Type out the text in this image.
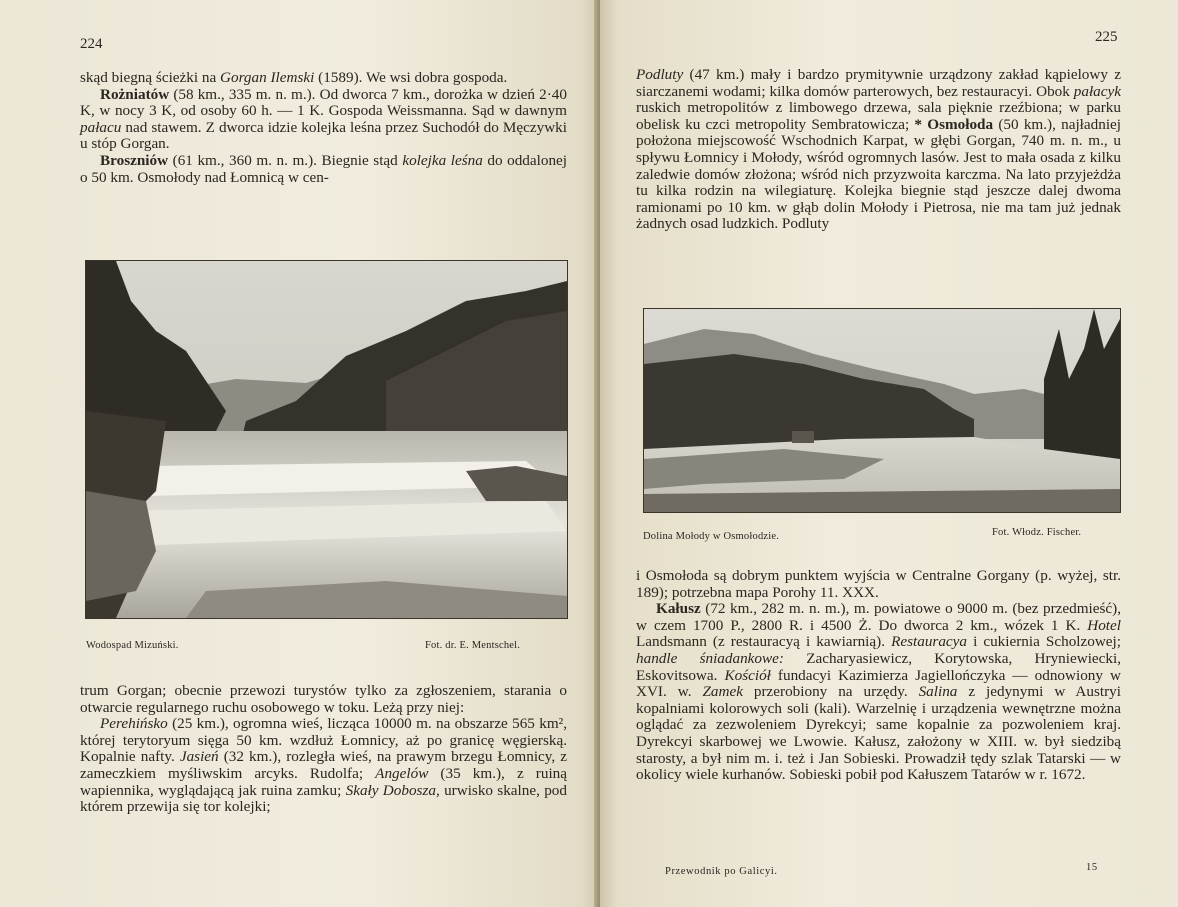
224

skąd biegną ścieżki na Gorgan Ilemski (1589). We wsi dobra gospoda.

Rożniatów (58 km., 335 m. n. m.). Od dworca 7 km., dorożka w dzień 2·40 K, w nocy 3 K, od osoby 60 h. — 1 K. Gospoda Weissmanna. Sąd w dawnym pałacu nad stawem. Z dworca idzie kolejka leśna przez Suchodół do Męczywki u stóp Gorgan.

Broszniów (61 km., 360 m. n. m.). Biegnie stąd kolejka leśna do oddalonej o 50 km. Osmołody nad Łomnicą w cen-

Wodospad Mizuński.	Fot. dr. E. Mentschel.

trum Gorgan; obecnie przewozi turystów tylko za zgłoszeniem, starania o otwarcie regularnego ruchu osobowego w toku. Leżą przy niej:

Perehińsko (25 km.), ogromna wieś, licząca 10000 m. na obszarze 565 km², której terytoryum sięga 50 km. wzdłuż Łomnicy, aż po granicę węgierską. Kopalnie nafty. Jasień (32 km.), rozległa wieś, na prawym brzegu Łomnicy, z zameczkiem myśliwskim arcyks. Rudolfa; Angelów (35 km.), z ruiną wapiennika, wyglądającą jak ruina zamku; Skały Dobosza, urwisko skalne, pod którem przewija się tor kolejki;

225

Podluty (47 km.) mały i bardzo prymitywnie urządzony zakład kąpielowy z siarczanemi wodami; kilka domów parterowych, bez restauracyi. Obok pałacyk ruskich metropolitów z limbowego drzewa, sala pięknie rzeźbiona; w parku obelisk ku czci metropolity Sembratowicza; * Osmołoda (50 km.), najładniej położona miejscowość Wschodnich Karpat, w głębi Gorgan, 740 m. n. m., u spływu Łomnicy i Mołody, wśród ogromnych lasów. Jest to mała osada z kilku zaledwie domów złożona; wśród nich przyzwoita karczma. Na lato przyjeżdża tu kilka rodzin na wilegiaturę. Kolejka biegnie stąd jeszcze dalej dwoma ramionami po 10 km. w głąb dolin Mołody i Pietrosa, nie ma tam już jednak żadnych osad ludzkich. Podluty

Dolina Mołody w Osmołodzie.	Fot. Włodz. Fischer.

i Osmołoda są dobrym punktem wyjścia w Centralne Gorgany (p. wyżej, str. 189); potrzebna mapa Porohy 11. XXX.

Kałusz (72 km., 282 m. n. m.), m. powiatowe o 9000 m. (bez przedmieść), w czem 1700 P., 2800 R. i 4500 Ż. Do dworca 2 km., wózek 1 K. Hotel Landsmann (z restauracyą i kawiarnią). Restauracya i cukiernia Scholzowej; handle śniadankowe: Zacharyasiewicz, Korytowska, Hryniewiecki, Eskovitsowa. Kościół fundacyi Kazimierza Jagiellończyka — odnowiony w XVI. w. Zamek przerobiony na urzędy. Salina z jedynymi w Austryi kopalniami kolorowych soli (kali). Warzelnię i urządzenia wewnętrzne można oglądać za zezwoleniem Dyrekcyi; same kopalnie za pozwoleniem kraj. Dyrekcyi skarbowej we Lwowie. Kałusz, założony w XIII. w. był siedzibą starosty, a był nim m. i. też i Jan Sobieski. Prowadził tędy szlak Tatarski — w okolicy wiele kurhanów. Sobieski pobił pod Kałuszem Tatarów w r. 1672.

Przewodnik po Galicyi.	15
